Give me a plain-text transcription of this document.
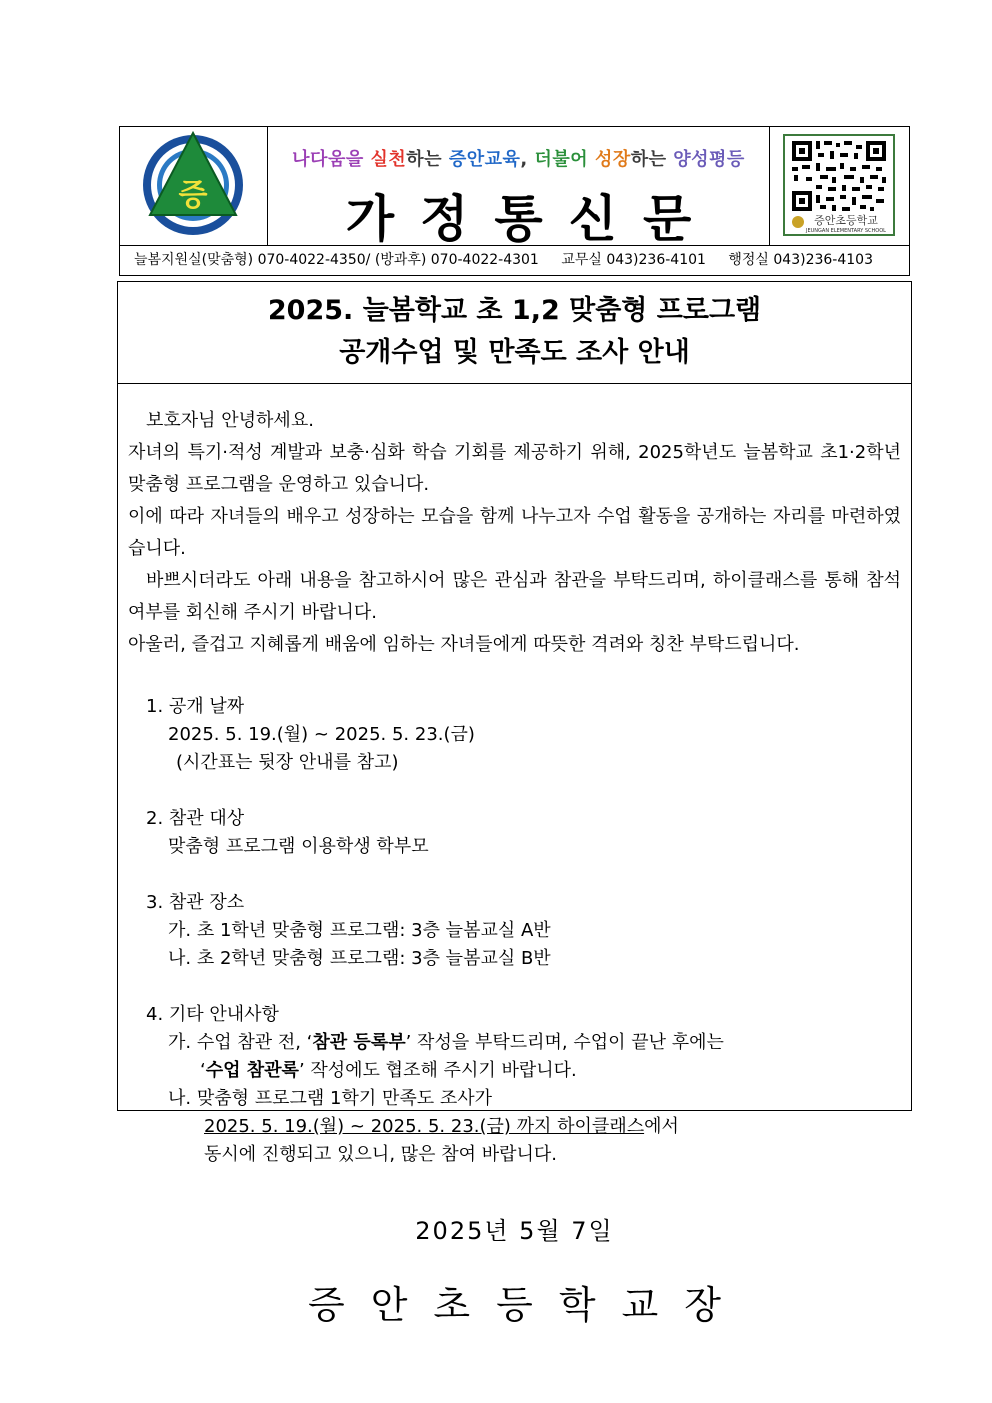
증
나다움을 실천하는 증안교육, 더불어 성장하는 양성평등
가정통신문	증안초등학교
JEUNGAN ELEMENTARY SCHOOL
늘봄지원실(맞춤형) 070-4022-4350/ (방과후) 070-4022-4301 교무실 043)236-4101 행정실 043)236-4103
2025. 늘봄학교 초 1,2 맞춤형 프로그램
공개수업 및 만족도 조사 안내
보호자님 안녕하세요.
자녀의 특기·적성 계발과 보충·심화 학습 기회를 제공하기 위해, 2025학년도 늘봄학교 초1·2학년 맞춤형 프로그램을 운영하고 있습니다.
이에 따라 자녀들의 배우고 성장하는 모습을 함께 나누고자 수업 활동을 공개하는 자리를 마련하였습니다.
바쁘시더라도 아래 내용을 참고하시어 많은 관심과 참관을 부탁드리며, 하이클래스를 통해 참석 여부를 회신해 주시기 바랍니다.
아울러, 즐겁고 지혜롭게 배움에 임하는 자녀들에게 따뜻한 격려와 칭찬 부탁드립니다.
1. 공개 날짜
2025. 5. 19.(월) ~ 2025. 5. 23.(금)
(시간표는 뒷장 안내를 참고)
2. 참관 대상
맞춤형 프로그램 이용학생 학부모
3. 참관 장소
가. 초 1학년 맞춤형 프로그램: 3층 늘봄교실 A반
나. 초 2학년 맞춤형 프로그램: 3층 늘봄교실 B반
4. 기타 안내사항
가. 수업 참관 전, ‘참관 등록부’ 작성을 부탁드리며, 수업이 끝난 후에는
‘수업 참관록’ 작성에도 협조해 주시기 바랍니다.
나. 맞춤형 프로그램 1학기 만족도 조사가
2025. 5. 19.(월) ~ 2025. 5. 23.(금) 까지 하이클래스에서
동시에 진행되고 있으니, 많은 참여 바랍니다.
2025년 5월 7일
증안초등학교장
